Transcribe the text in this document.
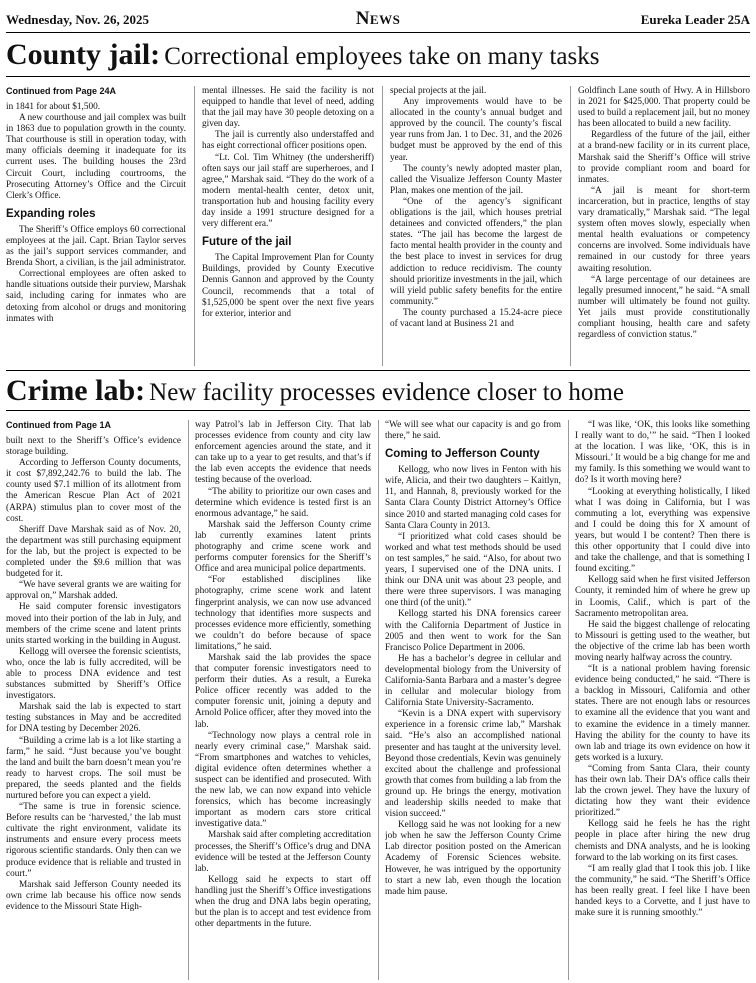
Wednesday, Nov. 26, 2025	News	Eureka Leader 25A
County jail: Correctional employees take on many tasks

Continued from Page 24A

in 1841 for about $1,500.

A new courthouse and jail complex was built in 1863 due to population growth in the county. That courthouse is still in operation today, with many officials deeming it inadequate for its current uses. The building houses the 23rd Circuit Court, including courtrooms, the Prosecuting Attorney’s Office and the Circuit Clerk’s Office.

Expanding roles

The Sheriff’s Office employs 60 correctional employees at the jail. Capt. Brian Taylor serves as the jail’s support services commander, and Brenda Short, a civilian, is the jail administrator.

Correctional employees are often asked to handle situations outside their purview, Marshak said, including caring for inmates who are detoxing from alcohol or drugs and monitoring inmates with

mental illnesses. He said the facility is not equipped to handle that level of need, adding that the jail may have 30 people detoxing on a given day.

The jail is currently also understaffed and has eight correctional officer positions open.

“Lt. Col. Tim Whitney (the undersheriff) often says our jail staff are superheroes, and I agree,” Marshak said. “They do the work of a modern mental-health center, detox unit, transportation hub and housing facility every day inside a 1991 structure designed for a very different era.”

Future of the jail

The Capital Improvement Plan for County Buildings, provided by County Executive Dennis Gannon and approved by the County Council, recommends that a total of $1,525,000 be spent over the next five years for exterior, interior and

special projects at the jail.

Any improvements would have to be allocated in the county’s annual budget and approved by the council. The county’s fiscal year runs from Jan. 1 to Dec. 31, and the 2026 budget must be approved by the end of this year.

The county’s newly adopted master plan, called the Visualize Jefferson County Master Plan, makes one mention of the jail.

“One of the agency’s significant obligations is the jail, which houses pretrial detainees and convicted offenders,” the plan states. “The jail has become the largest de facto mental health provider in the county and the best place to invest in services for drug addiction to reduce recidivism. The county should prioritize investments in the jail, which will yield public safety benefits for the entire community.”

The county purchased a 15.24-acre piece of vacant land at Business 21 and

Goldfinch Lane south of Hwy. A in Hillsboro in 2021 for $425,000. That property could be used to build a replacement jail, but no money has been allocated to build a new facility.

Regardless of the future of the jail, either at a brand-new facility or in its current place, Marshak said the Sheriff’s Office will strive to provide compliant room and board for inmates.

“A jail is meant for short-term incarceration, but in practice, lengths of stay vary dramatically,” Marshak said. “The legal system often moves slowly, especially when mental health evaluations or competency concerns are involved. Some individuals have remained in our custody for three years awaiting resolution.

“A large percentage of our detainees are legally presumed innocent,” he said. “A small number will ultimately be found not guilty. Yet jails must provide constitutionally compliant housing, health care and safety regardless of conviction status.”

Crime lab: New facility processes evidence closer to home

Continued from Page 1A

built next to the Sheriff’s Office’s evidence storage building.

According to Jefferson County documents, it cost $7,892,242.76 to build the lab. The county used $7.1 million of its allotment from the American Rescue Plan Act of 2021 (ARPA) stimulus plan to cover most of the cost.

Sheriff Dave Marshak said as of Nov. 20, the department was still purchasing equipment for the lab, but the project is expected to be completed under the $9.6 million that was budgeted for it.

“We have several grants we are waiting for approval on,” Marshak added.

He said computer forensic investigators moved into their portion of the lab in July, and members of the crime scene and latent prints units started working in the building in August.

Kellogg will oversee the forensic scientists, who, once the lab is fully accredited, will be able to process DNA evidence and test substances submitted by Sheriff’s Office investigators.

Marshak said the lab is expected to start testing substances in May and be accredited for DNA testing by December 2026.

“Building a crime lab is a lot like starting a farm,” he said. “Just because you’ve bought the land and built the barn doesn’t mean you’re ready to harvest crops. The soil must be prepared, the seeds planted and the fields nurtured before you can expect a yield.

“The same is true in forensic science. Before results can be ‘harvested,’ the lab must cultivate the right environment, validate its instruments and ensure every process meets rigorous scientific standards. Only then can we produce evidence that is reliable and trusted in court.”

Marshak said Jefferson County needed its own crime lab because his office now sends evidence to the Missouri State High-

way Patrol’s lab in Jefferson City. That lab processes evidence from county and city law enforcement agencies around the state, and it can take up to a year to get results, and that’s if the lab even accepts the evidence that needs testing because of the overload.

“The ability to prioritize our own cases and determine which evidence is tested first is an enormous advantage,” he said.

Marshak said the Jefferson County crime lab currently examines latent prints photography and crime scene work and performs computer forensics for the Sheriff’s Office and area municipal police departments.

“For established disciplines like photography, crime scene work and latent fingerprint analysis, we can now use advanced technology that identifies more suspects and processes evidence more efficiently, something we couldn’t do before because of space limitations,” he said.

Marshak said the lab provides the space that computer forensic investigators need to perform their duties. As a result, a Eureka Police officer recently was added to the computer forensic unit, joining a deputy and Arnold Police officer, after they moved into the lab.

“Technology now plays a central role in nearly every criminal case,” Marshak said. “From smartphones and watches to vehicles, digital evidence often determines whether a suspect can be identified and prosecuted. With the new lab, we can now expand into vehicle forensics, which has become increasingly important as modern cars store critical investigative data.”

Marshak said after completing accreditation processes, the Sheriff’s Office’s drug and DNA evidence will be tested at the Jefferson County lab.

Kellogg said he expects to start off handling just the Sheriff’s Office investigations when the drug and DNA labs begin operating, but the plan is to accept and test evidence from other departments in the future.

“We will see what our capacity is and go from there,” he said.

Coming to Jefferson County

Kellogg, who now lives in Fenton with his wife, Alicia, and their two daughters – Kaitlyn, 11, and Hannah, 8, previously worked for the Santa Clara County District Attorney’s Office since 2010 and started managing cold cases for Santa Clara County in 2013.

“I prioritized what cold cases should be worked and what test methods should be used on test samples,” he said. “Also, for about two years, I supervised one of the DNA units. I think our DNA unit was about 23 people, and there were three supervisors. I was managing one third (of the unit).”

Kellogg started his DNA forensics career with the California Department of Justice in 2005 and then went to work for the San Francisco Police Department in 2006.

He has a bachelor’s degree in cellular and developmental biology from the University of California-Santa Barbara and a master’s degree in cellular and molecular biology from California State University-Sacramento.

“Kevin is a DNA expert with supervisory experience in a forensic crime lab,” Marshak said. “He’s also an accomplished national presenter and has taught at the university level. Beyond those credentials, Kevin was genuinely excited about the challenge and professional growth that comes from building a lab from the ground up. He brings the energy, motivation and leadership skills needed to make that vision succeed.”

Kellogg said he was not looking for a new job when he saw the Jefferson County Crime Lab director position posted on the American Academy of Forensic Sciences website. However, he was intrigued by the opportunity to start a new lab, even though the location made him pause.

“I was like, ‘OK, this looks like something I really want to do,’” he said. “Then I looked at the location. I was like, ‘OK, this is in Missouri.’ It would be a big change for me and my family. Is this something we would want to do? Is it worth moving here?

“Looking at everything holistically, I liked what I was doing in California, but I was commuting a lot, everything was expensive and I could be doing this for X amount of years, but would I be content? Then there is this other opportunity that I could dive into and take the challenge, and that is something I found exciting.”

Kellogg said when he first visited Jefferson County, it reminded him of where he grew up in Loomis, Calif., which is part of the Sacramento metropolitan area.

He said the biggest challenge of relocating to Missouri is getting used to the weather, but the objective of the crime lab has been worth moving nearly halfway across the country.

“It is a national problem having forensic evidence being conducted,” he said. “There is a backlog in Missouri, California and other states. There are not enough labs or resources to examine all the evidence that you want and to examine the evidence in a timely manner. Having the ability for the county to have its own lab and triage its own evidence on how it gets worked is a luxury.

“Coming from Santa Clara, their county has their own lab. Their DA’s office calls their lab the crown jewel. They have the luxury of dictating how they want their evidence prioritized.”

Kellogg said he feels he has the right people in place after hiring the new drug chemists and DNA analysts, and he is looking forward to the lab working on its first cases.

“I am really glad that I took this job. I like the community,” he said. “The Sheriff’s Office has been really great. I feel like I have been handed keys to a Corvette, and I just have to make sure it is running smoothly.”
